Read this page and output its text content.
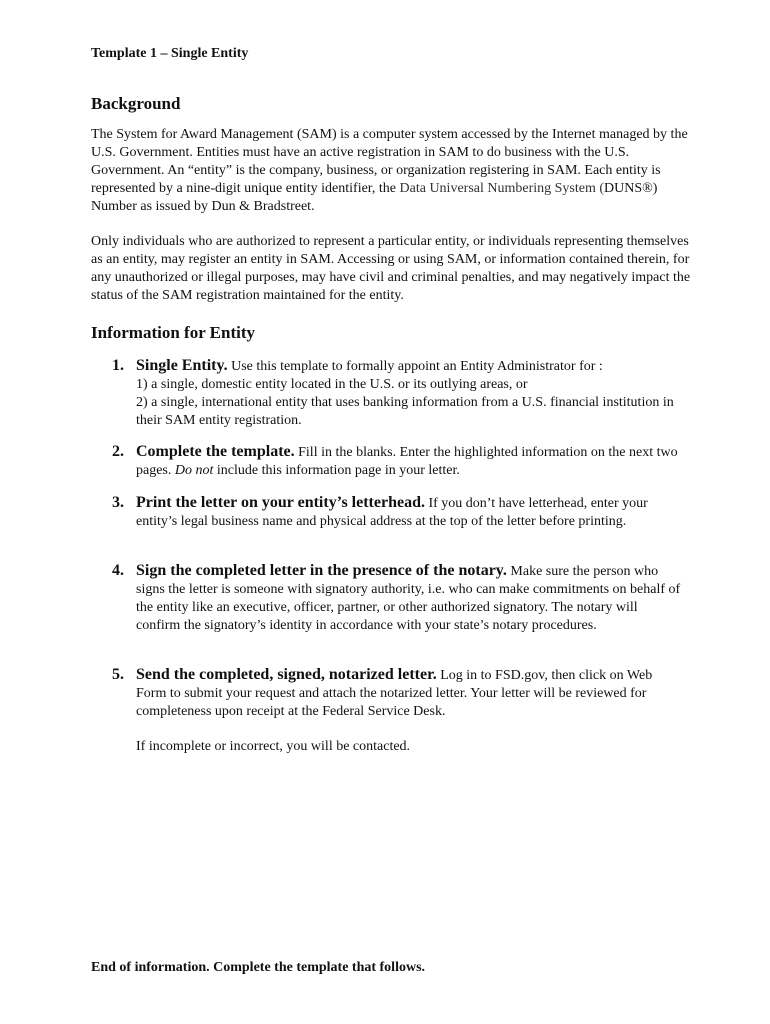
Template 1 – Single Entity

Background

The System for Award Management (SAM) is a computer system accessed by the Internet managed by the U.S. Government. Entities must have an active registration in SAM to do business with the U.S. Government. An “entity” is the company, business, or organization registering in SAM. Each entity is represented by a nine-digit unique entity identifier, the Data Universal Numbering System (DUNS®) Number as issued by Dun & Bradstreet.

Only individuals who are authorized to represent a particular entity, or individuals representing themselves as an entity, may register an entity in SAM. Accessing or using SAM, or information contained therein, for any unauthorized or illegal purposes, may have civil and criminal penalties, and may negatively impact the status of the SAM registration maintained for the entity.

Information for Entity
1. Single Entity. Use this template to formally appoint an Entity Administrator for :
1) a single, domestic entity located in the U.S. or its outlying areas, or
2) a single, international entity that uses banking information from a U.S. financial institution in their SAM entity registration.
2. Complete the template. Fill in the blanks. Enter the highlighted information on the next two pages. Do not include this information page in your letter.
3. Print the letter on your entity’s letterhead. If you don’t have letterhead, enter your entity’s legal business name and physical address at the top of the letter before printing.
4. Sign the completed letter in the presence of the notary. Make sure the person who signs the letter is someone with signatory authority, i.e. who can make commitments on behalf of the entity like an executive, officer, partner, or other authorized signatory. The notary will confirm the signatory’s identity in accordance with your state’s notary procedures.
5. Send the completed, signed, notarized letter. Log in to FSD.gov, then click on Web Form to submit your request and attach the notarized letter. Your letter will be reviewed for completeness upon receipt at the Federal Service Desk.
If incomplete or incorrect, you will be contacted.

End of information. Complete the template that follows.
